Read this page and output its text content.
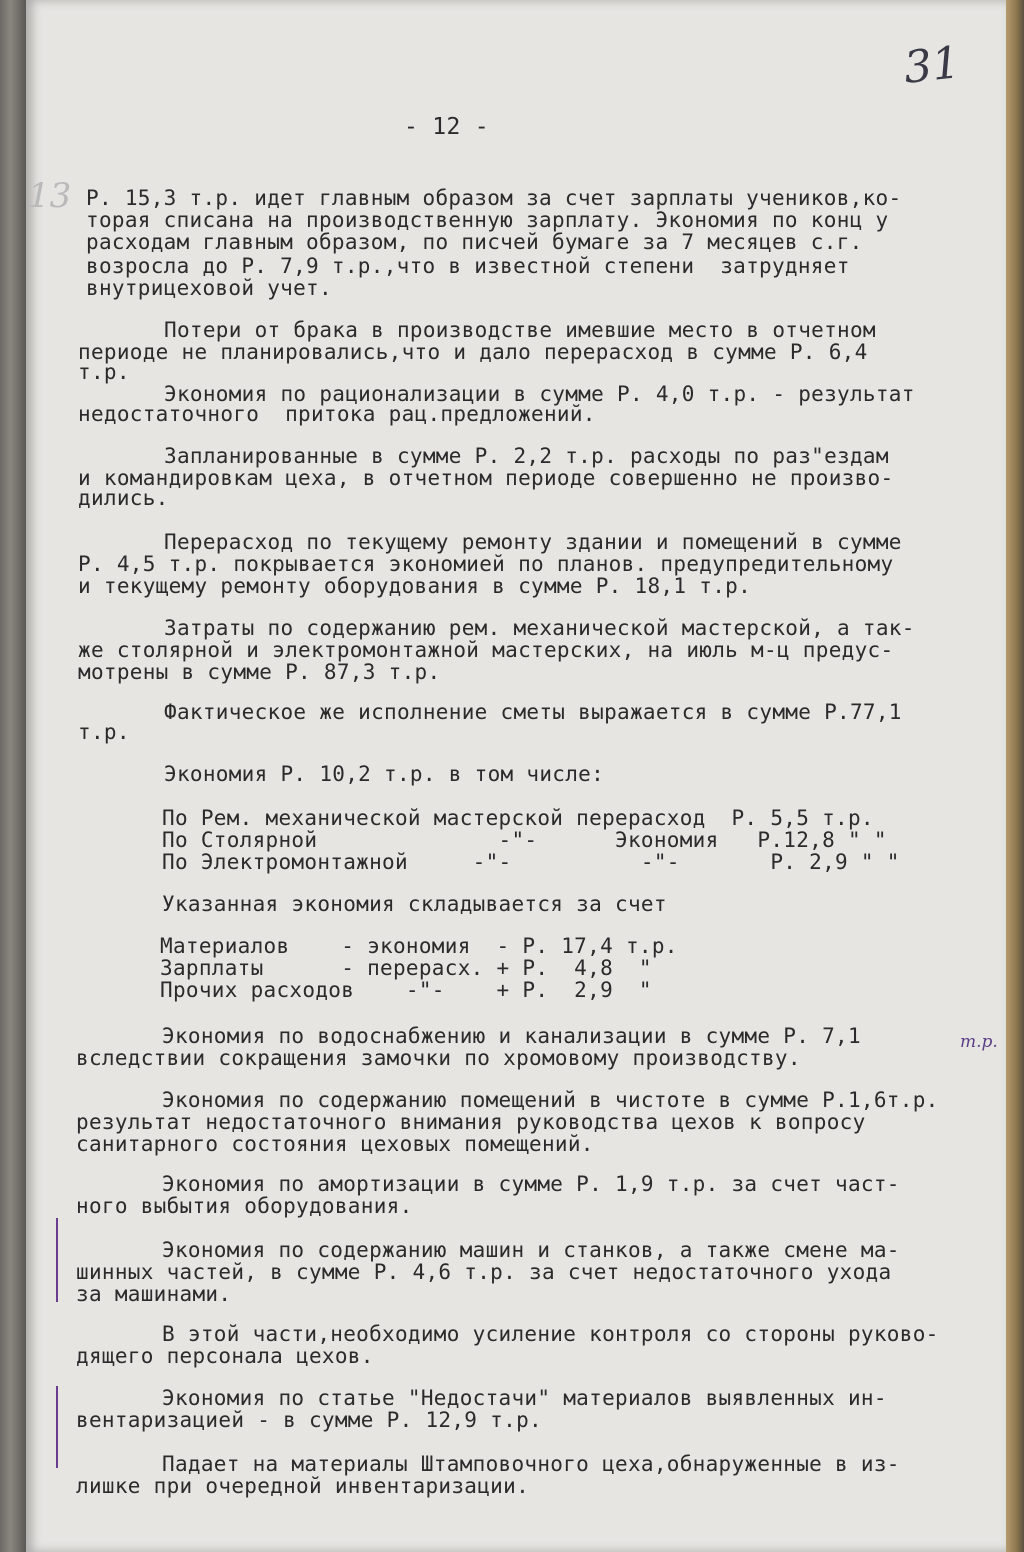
- 12 -
31
13
т.р.
Р. 15,3 т.р. идет главным образом за счет зарплаты учеников,ко-
торая списана на производственную зарплату. Экономия по конц у
расходам главным образом, по писчей бумаге за 7 месяцев с.г.
возросла до Р. 7,9 т.р.,что в известной степени  затрудняет
внутрицеховой учет.
Потери от брака в производстве имевшие место в отчетном
периоде не планировались,что и дало перерасход в сумме Р. 6,4
т.р.
Экономия по рационализации в сумме Р. 4,0 т.р. - результат
недостаточного  притока рац.предложений.
Запланированные в сумме Р. 2,2 т.р. расходы по раз"ездам
и командировкам цеха, в отчетном периоде совершенно не произво-
дились.
Перерасход по текущему ремонту здании и помещений в сумме
Р. 4,5 т.р. покрывается экономией по планов. предупредительному
и текущему ремонту оборудования в сумме Р. 18,1 т.р.
Затраты по содержанию рем. механической мастерской, а так-
же столярной и электромонтажной мастерских, на июль м-ц предус-
мотрены в сумме Р. 87,3 т.р.
Фактическое же исполнение сметы выражается в сумме Р.77,1
т.р.
Экономия Р. 10,2 т.р. в том числе:
По Рем. механической мастерской перерасход  Р. 5,5 т.р.
По Столярной              -"-      Экономия   Р.12,8 " "
По Электромонтажной     -"-          -"-       Р. 2,9 " "
Указанная экономия складывается за счет
Материалов    - экономия  - Р. 17,4 т.р.
Зарплаты      - перерасх. + Р.  4,8  "
Прочих расходов    -"-    + Р.  2,9  "
Экономия по водоснабжению и канализации в сумме Р. 7,1
вследствии сокращения замочки по хромовому производству.
Экономия по содержанию помещений в чистоте в сумме Р.1,6т.р.
результат недостаточного внимания руководства цехов к вопросу
санитарного состояния цеховых помещений.
Экономия по амортизации в сумме Р. 1,9 т.р. за счет част-
ного выбытия оборудования.
Экономия по содержанию машин и станков, а также смене ма-
шинных частей, в сумме Р. 4,6 т.р. за счет недостаточного ухода
за машинами.
В этой части,необходимо усиление контроля со стороны руково-
дящего персонала цехов.
Экономия по статье "Недостачи" материалов выявленных ин-
вентаризацией - в сумме Р. 12,9 т.р.
Падает на материалы Штамповочного цеха,обнаруженные в из-
лишке при очередной инвентаризации.
